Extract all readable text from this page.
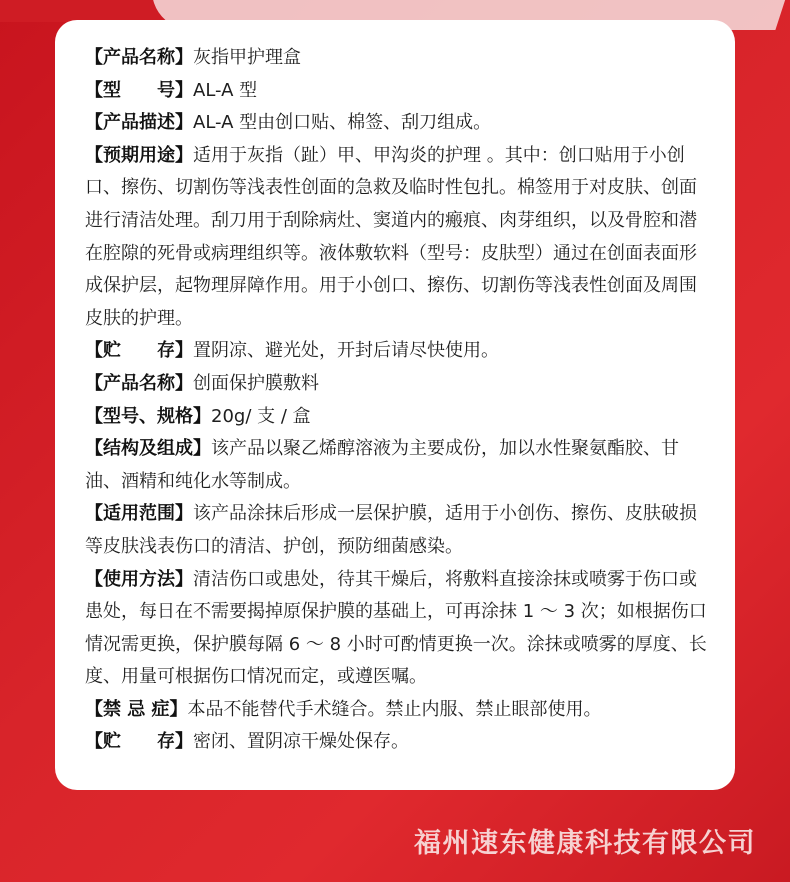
【产品名称】灰指甲护理盒

【型　　号】AL-A 型

【产品描述】AL-A 型由创口贴、棉签、刮刀组成。

【预期用途】适用于灰指（趾）甲、甲沟炎的护理 。其中：创口贴用于小创口、擦伤、切割伤等浅表性创面的急救及临时性包扎。棉签用于对皮肤、创面进行清洁处理。刮刀用于刮除病灶、窦道内的瘢痕、肉芽组织，以及骨腔和潜在腔隙的死骨或病理组织等。液体敷软料（型号：皮肤型）通过在创面表面形成保护层，起物理屏障作用。用于小创口、擦伤、切割伤等浅表性创面及周围皮肤的护理。

【贮　　存】置阴凉、避光处，开封后请尽快使用。

【产品名称】创面保护膜敷料

【型号、规格】20g/ 支 / 盒

【结构及组成】该产品以聚乙烯醇溶液为主要成份，加以水性聚氨酯胶、甘油、酒精和纯化水等制成。

【适用范围】该产品涂抹后形成一层保护膜，适用于小创伤、擦伤、皮肤破损等皮肤浅表伤口的清洁、护创，预防细菌感染。

【使用方法】清洁伤口或患处，待其干燥后，将敷料直接涂抹或喷雾于伤口或患处，每日在不需要揭掉原保护膜的基础上，可再涂抹 1 ～ 3 次；如根据伤口情况需更换，保护膜每隔 6 ～ 8 小时可酌情更换一次。涂抹或喷雾的厚度、长度、用量可根据伤口情况而定，或遵医嘱。

【禁 忌 症】本品不能替代手术缝合。禁止内服、禁止眼部使用。

【贮　　存】密闭、置阴凉干燥处保存。

福州速东健康科技有限公司
